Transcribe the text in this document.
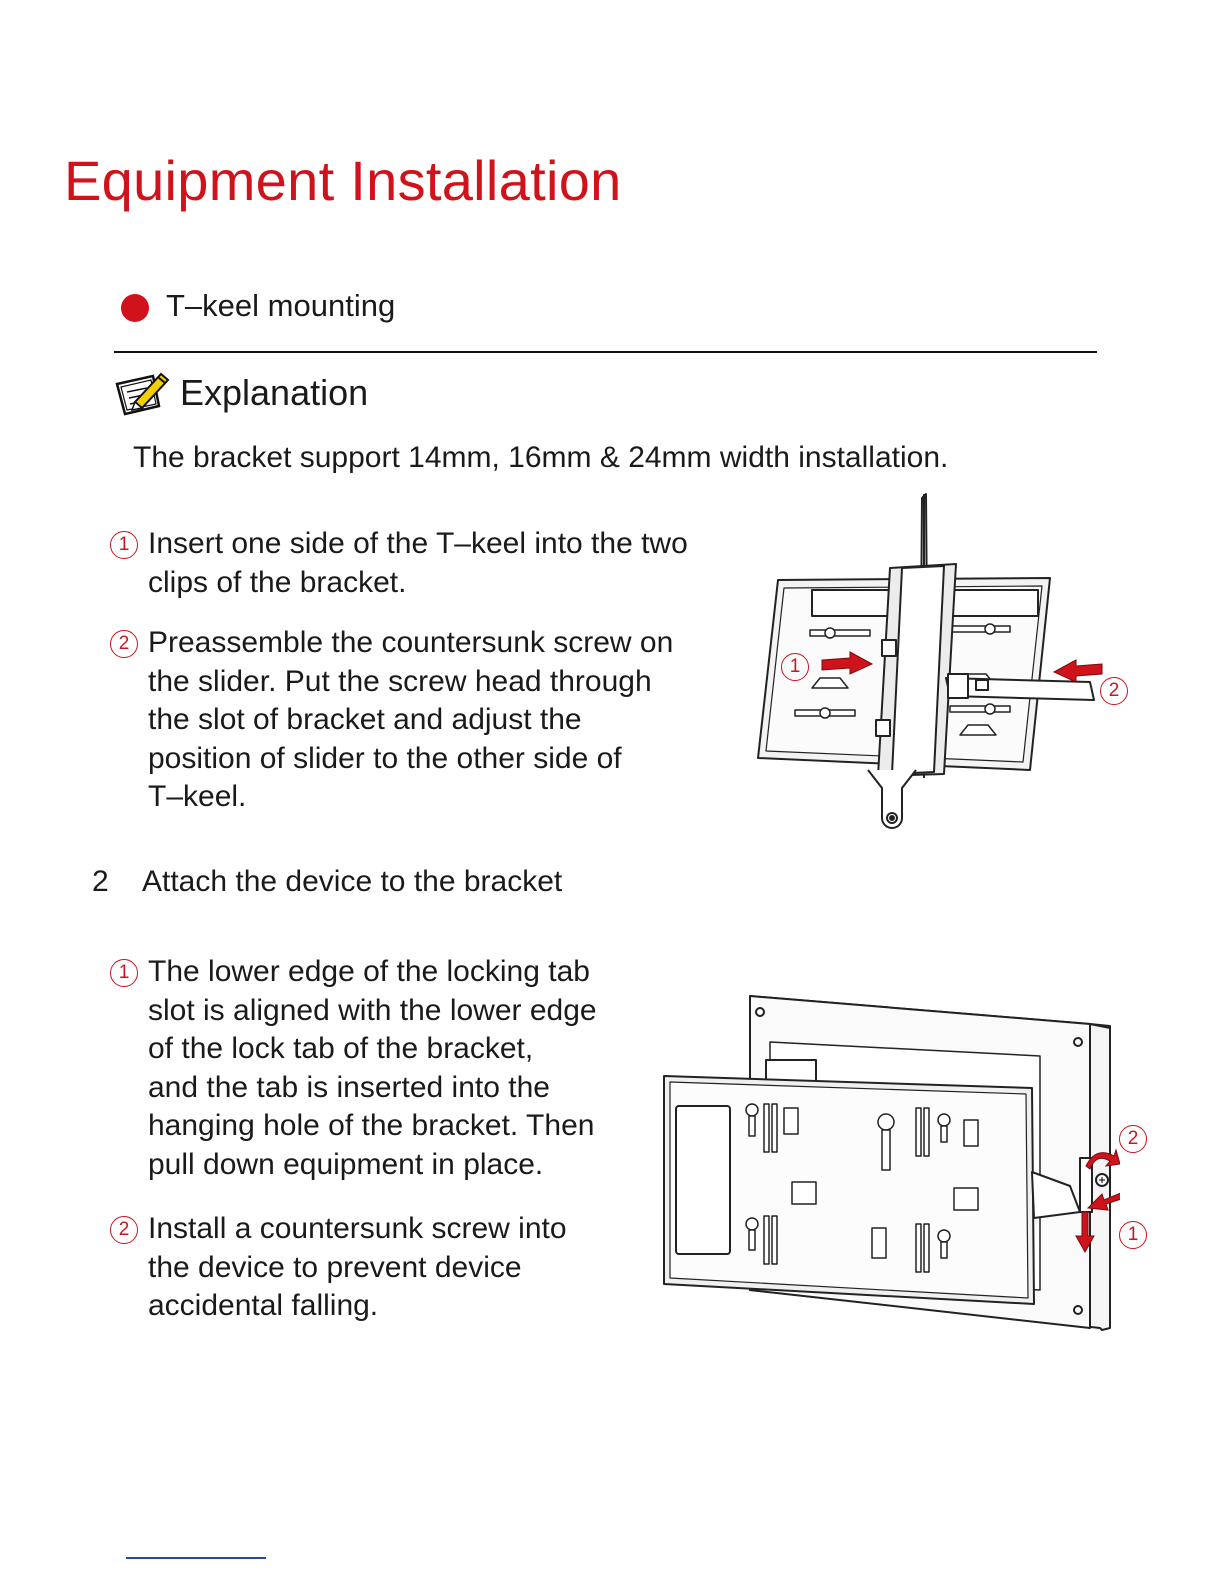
Equipment Installation
T–keel mounting
Explanation
The bracket support 14mm, 16mm & 24mm width installation.
1 Insert one side of the T–keel into the two
clips of the bracket.
2 Preassemble the countersunk screw on
the slider. Put the screw head through
the slot of bracket and adjust the
position of slider to the other side of
T–keel.
1
2
2 Attach the device to the bracket
1 The lower edge of the locking tab
slot is aligned with the lower edge
of the lock tab of the bracket,
and the tab is inserted into the
hanging hole of the bracket. Then
pull down equipment in place.
2 Install a countersunk screw into
the device to prevent device
accidental falling.
2
1
